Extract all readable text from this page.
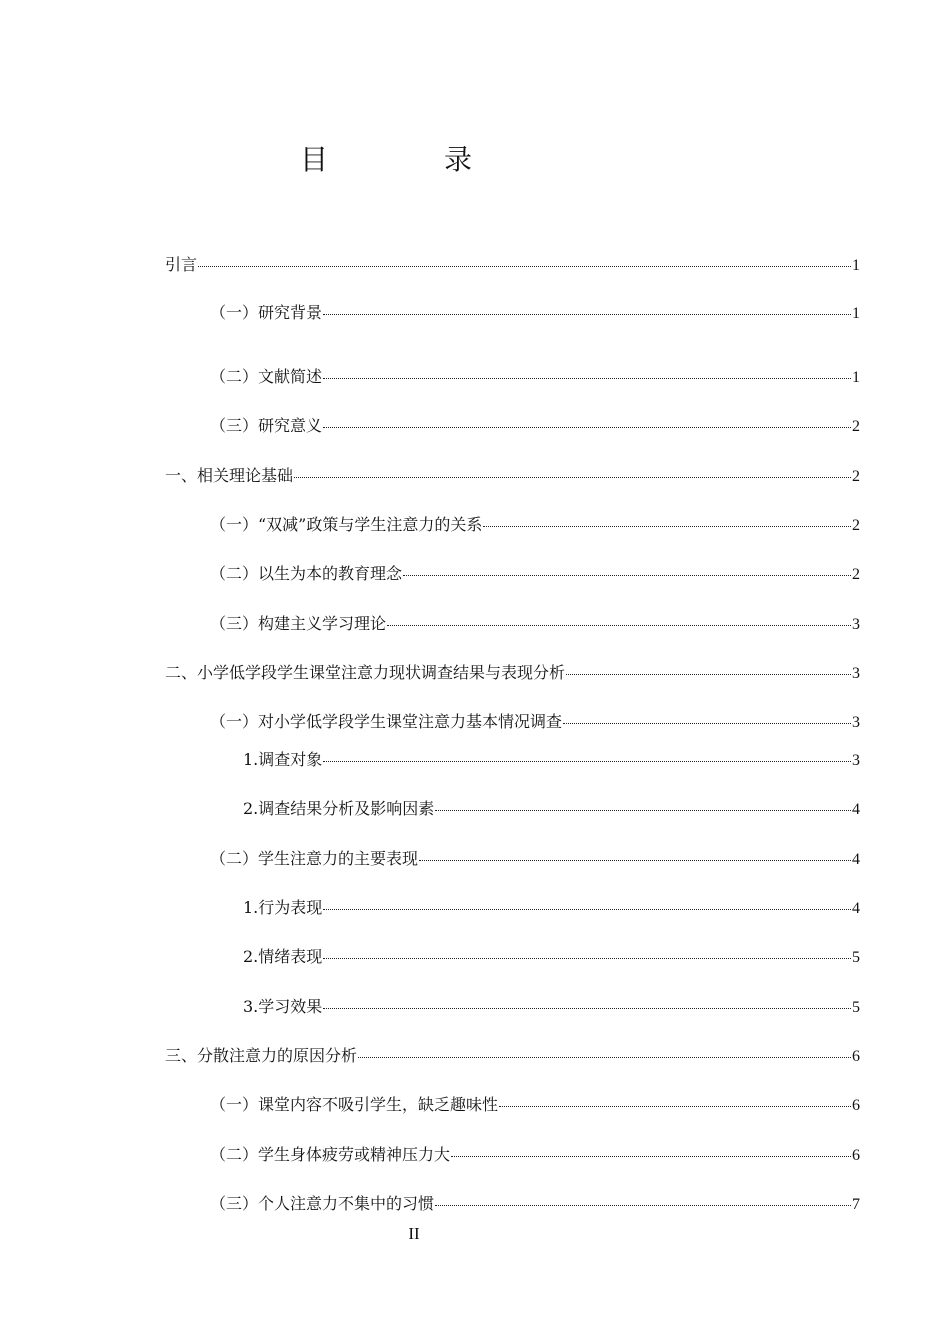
目　录
引言	1
（一）研究背景	1
（二）文献简述	1
（三）研究意义	2
一、相关理论基础	2
（一）“双减”政策与学生注意力的关系	2
（二）以生为本的教育理念	2
（三）构建主义学习理论	3
二、小学低学段学生课堂注意力现状调查结果与表现分析	3
（一）对小学低学段学生课堂注意力基本情况调查	3
1.调查对象	3
2.调查结果分析及影响因素	4
（二）学生注意力的主要表现	4
1.行为表现	4
2.情绪表现	5
3.学习效果	5
三、分散注意力的原因分析	6
（一）课堂内容不吸引学生，缺乏趣味性	6
（二）学生身体疲劳或精神压力大	6
（三）个人注意力不集中的习惯	7
II
